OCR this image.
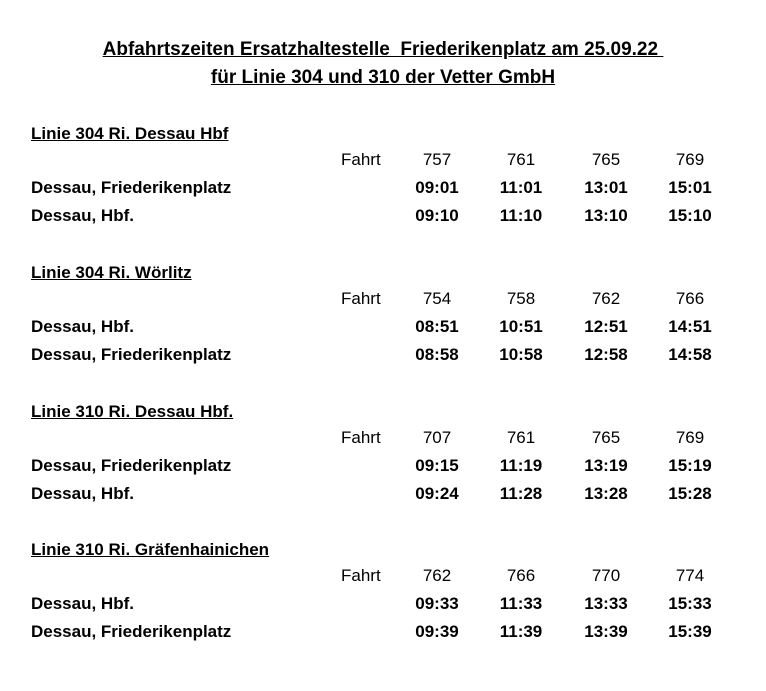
Abfahrtszeiten Ersatzhaltestelle  Friederikenplatz am 25.09.22
für Linie 304 und 310 der Vetter GmbH
Linie 304 Ri. Dessau Hbf
Fahrt	757	761	765	769
Dessau, Friederikenplatz	09:01	11:01	13:01	15:01
Dessau, Hbf.	09:10	11:10	13:10	15:10
Linie 304 Ri. Wörlitz
Fahrt	754	758	762	766
Dessau, Hbf.	08:51	10:51	12:51	14:51
Dessau, Friederikenplatz	08:58	10:58	12:58	14:58
Linie 310 Ri. Dessau Hbf.
Fahrt	707	761	765	769
Dessau, Friederikenplatz	09:15	11:19	13:19	15:19
Dessau, Hbf.	09:24	11:28	13:28	15:28
Linie 310 Ri. Gräfenhainichen
Fahrt	762	766	770	774
Dessau, Hbf.	09:33	11:33	13:33	15:33
Dessau, Friederikenplatz	09:39	11:39	13:39	15:39
